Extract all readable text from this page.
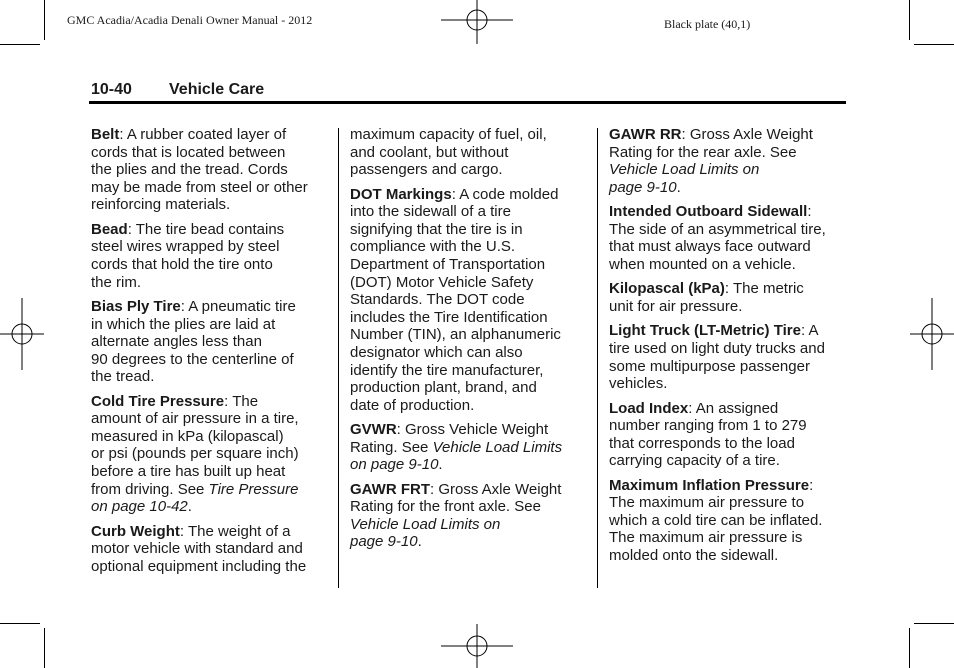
GMC Acadia/Acadia Denali Owner Manual - 2012	Black plate (40,1)
10-40 Vehicle Care

Belt: A rubber coated layer of
cords that is located between
the plies and the tread. Cords
may be made from steel or other
reinforcing materials.

Bead: The tire bead contains
steel wires wrapped by steel
cords that hold the tire onto
the rim.

Bias Ply Tire: A pneumatic tire
in which the plies are laid at
alternate angles less than
90 degrees to the centerline of
the tread.

Cold Tire Pressure: The
amount of air pressure in a tire,
measured in kPa (kilopascal)
or psi (pounds per square inch)
before a tire has built up heat
from driving. See Tire Pressure
on page 10-42.

Curb Weight: The weight of a
motor vehicle with standard and
optional equipment including the

maximum capacity of fuel, oil,
and coolant, but without
passengers and cargo.

DOT Markings: A code molded
into the sidewall of a tire
signifying that the tire is in
compliance with the U.S.
Department of Transportation
(DOT) Motor Vehicle Safety
Standards. The DOT code
includes the Tire Identification
Number (TIN), an alphanumeric
designator which can also
identify the tire manufacturer,
production plant, brand, and
date of production.

GVWR: Gross Vehicle Weight
Rating. See Vehicle Load Limits
on page 9-10.

GAWR FRT: Gross Axle Weight
Rating for the front axle. See
Vehicle Load Limits on
page 9-10.

GAWR RR: Gross Axle Weight
Rating for the rear axle. See
Vehicle Load Limits on
page 9-10.

Intended Outboard Sidewall:
The side of an asymmetrical tire,
that must always face outward
when mounted on a vehicle.

Kilopascal (kPa): The metric
unit for air pressure.

Light Truck (LT-Metric) Tire: A
tire used on light duty trucks and
some multipurpose passenger
vehicles.

Load Index: An assigned
number ranging from 1 to 279
that corresponds to the load
carrying capacity of a tire.

Maximum Inflation Pressure:
The maximum air pressure to
which a cold tire can be inflated.
The maximum air pressure is
molded onto the sidewall.
